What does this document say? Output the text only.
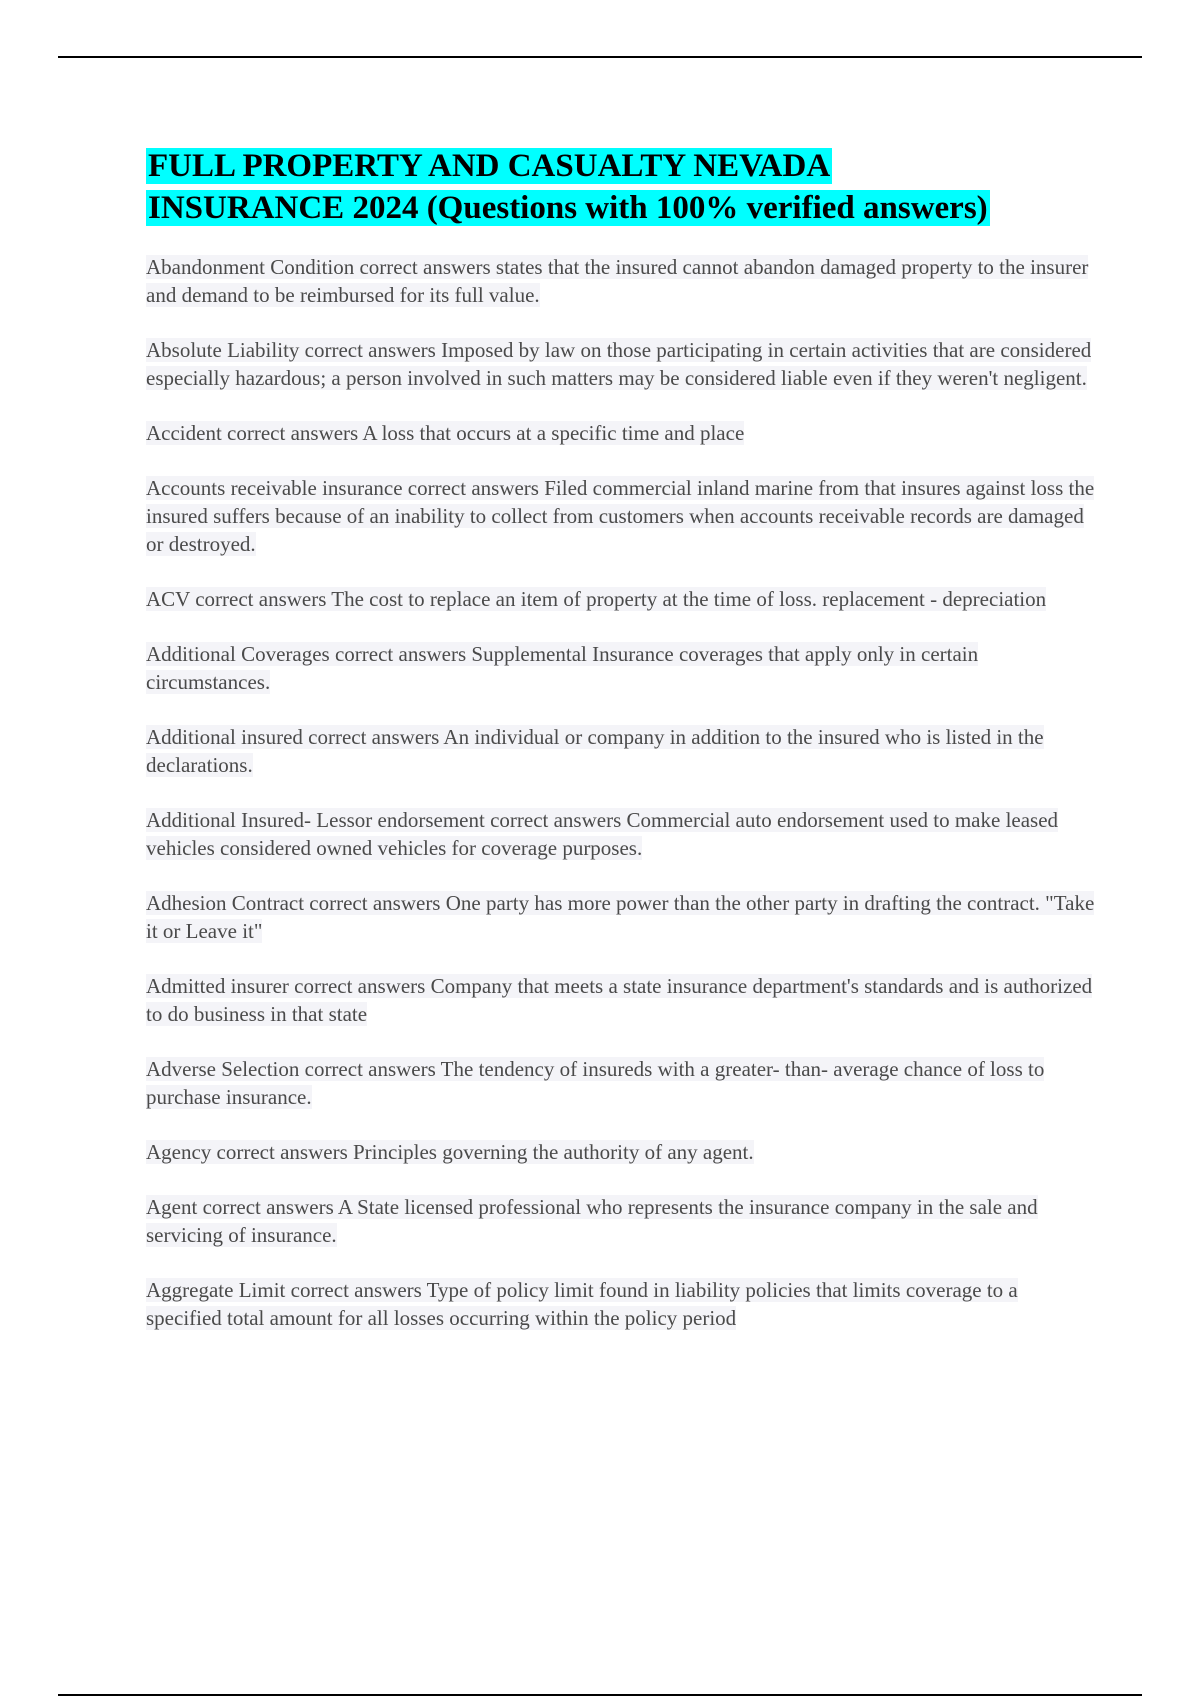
FULL PROPERTY AND CASUALTY NEVADA
INSURANCE 2024 (Questions with 100% verified answers)
Abandonment Condition correct answers states that the insured cannot abandon damaged property to the insurer and demand to be reimbursed for its full value.
Absolute Liability correct answers Imposed by law on those participating in certain activities that are considered especially hazardous; a person involved in such matters may be considered liable even if they weren't negligent.
Accident correct answers A loss that occurs at a specific time and place
Accounts receivable insurance correct answers Filed commercial inland marine from that insures against loss the insured suffers because of an inability to collect from customers when accounts receivable records are damaged or destroyed.
ACV correct answers The cost to replace an item of property at the time of loss. replacement - depreciation
Additional Coverages correct answers Supplemental Insurance coverages that apply only in certain circumstances.
Additional insured correct answers An individual or company in addition to the insured who is listed in the declarations.
Additional Insured- Lessor endorsement correct answers Commercial auto endorsement used to make leased vehicles considered owned vehicles for coverage purposes.
Adhesion Contract correct answers One party has more power than the other party in drafting the contract. "Take it or Leave it"
Admitted insurer correct answers Company that meets a state insurance department's standards and is authorized to do business in that state
Adverse Selection correct answers The tendency of insureds with a greater- than- average chance of loss to purchase insurance.
Agency correct answers Principles governing the authority of any agent.
Agent correct answers A State licensed professional who represents the insurance company in the sale and servicing of insurance.
Aggregate Limit correct answers Type of policy limit found in liability policies that limits coverage to a specified total amount for all losses occurring within the policy period
